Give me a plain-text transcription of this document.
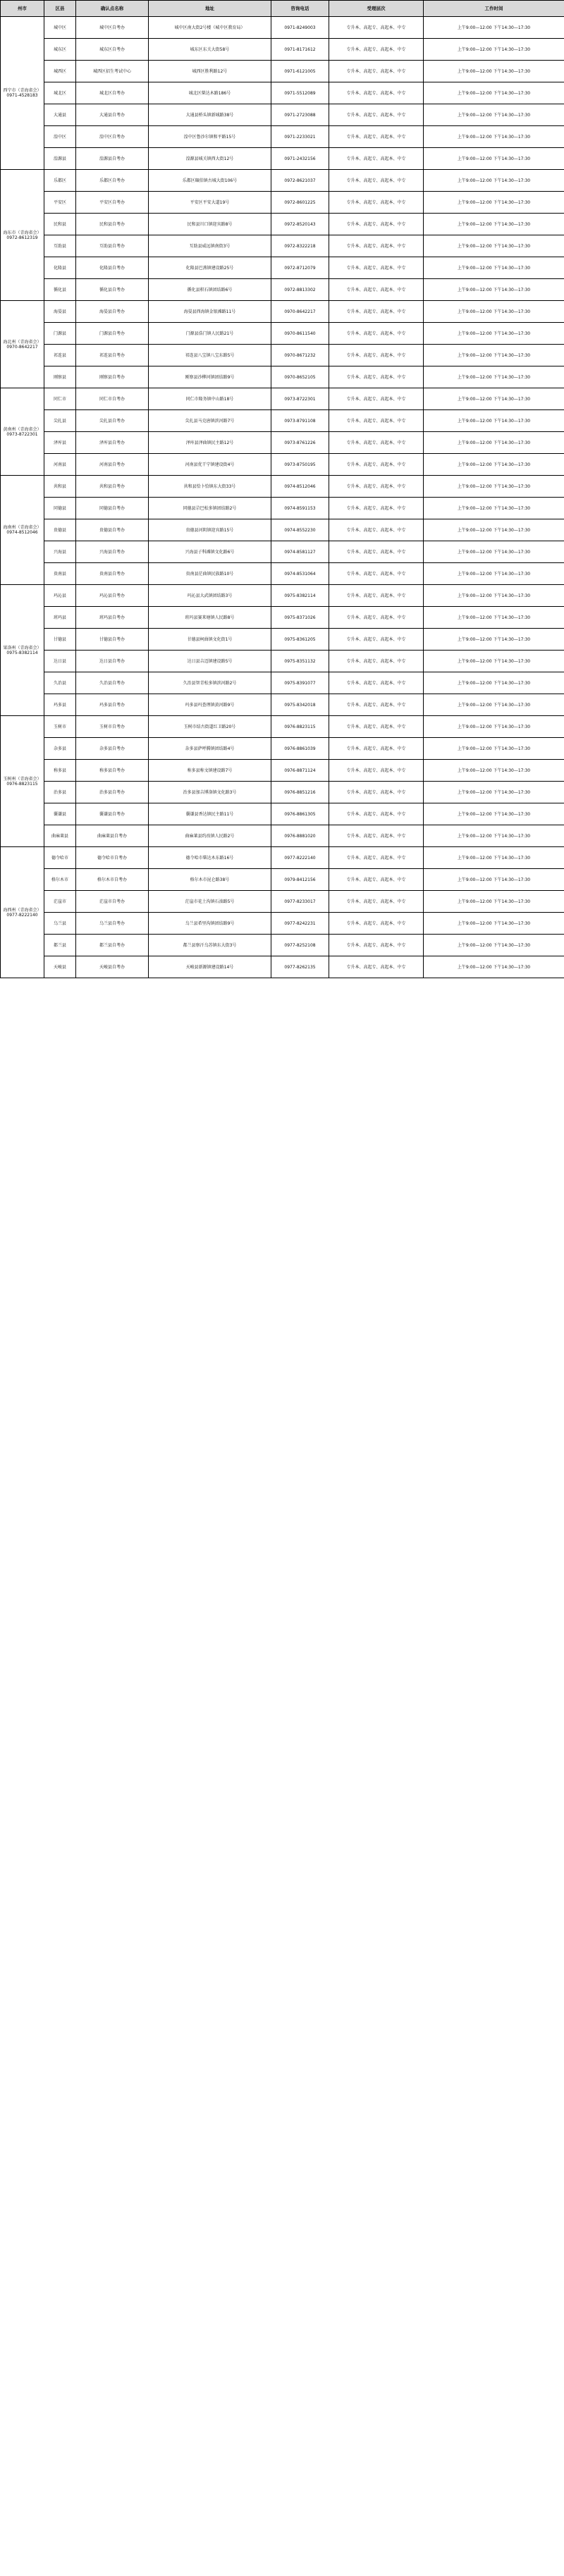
州市	区县	确认点名称	地址	咨询电话	受理层次	工作时间
西宁市（青海省会）0971-4528183	城中区	城中区自考办	城中区南大街2号楼（城中区教育局）	0971-8249003	专升本、高起专、高起本、中专	上午9:00—12:00 下午14:30—17:30
	城东区	城东区自考办	城东区东关大街58号	0971-8171612	专升本、高起专、高起本、中专	上午9:00—12:00 下午14:30—17:30
	城西区	城西区招生考试中心	城西区胜利路12号	0971-6121005	专升本、高起专、高起本、中专	上午9:00—12:00 下午14:30—17:30
	城北区	城北区自考办	城北区柴达木路186号	0971-5512089	专升本、高起专、高起本、中专	上午9:00—12:00 下午14:30—17:30
	大通县	大通县自考办	大通县桥头镇新城路38号	0971-2723088	专升本、高起专、高起本、中专	上午9:00—12:00 下午14:30—17:30
	湟中区	湟中区自考办	湟中区鲁沙尔镇和平路15号	0971-2233021	专升本、高起专、高起本、中专	上午9:00—12:00 下午14:30—17:30
	湟源县	湟源县自考办	湟源县城关镇西大街12号	0971-2432156	专升本、高起专、高起本、中专	上午9:00—12:00 下午14:30—17:30
海东市（青海省会）0972-8612319	乐都区	乐都区自考办	乐都区碾伯镇古城大街106号	0972-8621037	专升本、高起专、高起本、中专	上午9:00—12:00 下午14:30—17:30
	平安区	平安区自考办	平安区平安大道19号	0972-8601225	专升本、高起专、高起本、中专	上午9:00—12:00 下午14:30—17:30
	民和县	民和县自考办	民和县川口镇迎宾路8号	0972-8520143	专升本、高起专、高起本、中专	上午9:00—12:00 下午14:30—17:30
	互助县	互助县自考办	互助县威远镇南街3号	0972-8322218	专升本、高起专、高起本、中专	上午9:00—12:00 下午14:30—17:30
	化隆县	化隆县自考办	化隆县巴燕镇建设路25号	0972-8712079	专升本、高起专、高起本、中专	上午9:00—12:00 下午14:30—17:30
	循化县	循化县自考办	循化县积石镇团结路6号	0972-8813302	专升本、高起专、高起本、中专	上午9:00—12:00 下午14:30—17:30
海北州（青海省会）0970-8642217	海晏县	海晏县自考办	海晏县西海镇金银滩路11号	0970-8642217	专升本、高起专、高起本、中专	上午9:00—12:00 下午14:30—17:30
	门源县	门源县自考办	门源县浩门镇人民路21号	0970-8611540	专升本、高起专、高起本、中专	上午9:00—12:00 下午14:30—17:30
	祁连县	祁连县自考办	祁连县八宝镇八宝东路5号	0970-8671232	专升本、高起专、高起本、中专	上午9:00—12:00 下午14:30—17:30
	刚察县	刚察县自考办	刚察县沙柳河镇团结路9号	0970-8652105	专升本、高起专、高起本、中专	上午9:00—12:00 下午14:30—17:30
黄南州（青海省会）0973-8722301	同仁市	同仁市自考办	同仁市隆务镇中山路18号	0973-8722301	专升本、高起专、高起本、中专	上午9:00—12:00 下午14:30—17:30
	尖扎县	尖扎县自考办	尖扎县马克唐镇滨河路7号	0973-8791108	专升本、高起专、高起本、中专	上午9:00—12:00 下午14:30—17:30
	泽库县	泽库县自考办	泽库县泽曲镇民主路12号	0973-8761226	专升本、高起专、高起本、中专	上午9:00—12:00 下午14:30—17:30
	河南县	河南县自考办	河南县优干宁镇建设街4号	0973-8750195	专升本、高起专、高起本、中专	上午9:00—12:00 下午14:30—17:30
海南州（青海省会）0974-8512046	共和县	共和县自考办	共和县恰卜恰镇东大街33号	0974-8512046	专升本、高起专、高起本、中专	上午9:00—12:00 下午14:30—17:30
	同德县	同德县自考办	同德县尕巴松多镇团结路2号	0974-8591153	专升本、高起专、高起本、中专	上午9:00—12:00 下午14:30—17:30
	贵德县	贵德县自考办	贵德县河阴镇迎宾路15号	0974-8552230	专升本、高起专、高起本、中专	上午9:00—12:00 下午14:30—17:30
	兴海县	兴海县自考办	兴海县子科滩镇文化路6号	0974-8581127	专升本、高起专、高起本、中专	上午9:00—12:00 下午14:30—17:30
	贵南县	贵南县自考办	贵南县茫曲镇民族路10号	0974-8531064	专升本、高起专、高起本、中专	上午9:00—12:00 下午14:30—17:30
果洛州（青海省会）0975-8382114	玛沁县	玛沁县自考办	玛沁县大武镇团结路3号	0975-8382114	专升本、高起专、高起本、中专	上午9:00—12:00 下午14:30—17:30
	班玛县	班玛县自考办	班玛县赛来塘镇人民路8号	0975-8371026	专升本、高起专、高起本、中专	上午9:00—12:00 下午14:30—17:30
	甘德县	甘德县自考办	甘德县柯曲镇文化街1号	0975-8361205	专升本、高起专、高起本、中专	上午9:00—12:00 下午14:30—17:30
	达日县	达日县自考办	达日县吉迈镇建设路5号	0975-8351132	专升本、高起专、高起本、中专	上午9:00—12:00 下午14:30—17:30
	久治县	久治县自考办	久治县智青松多镇滨河路2号	0975-8391077	专升本、高起专、高起本、中专	上午9:00—12:00 下午14:30—17:30
	玛多县	玛多县自考办	玛多县玛查理镇黄河路9号	0975-8342018	专升本、高起专、高起本、中专	上午9:00—12:00 下午14:30—17:30
玉树州（青海省会）0976-8823115	玉树市	玉树市自考办	玉树市结古街道红卫路20号	0976-8823115	专升本、高起专、高起本、中专	上午9:00—12:00 下午14:30—17:30
	杂多县	杂多县自考办	杂多县萨呼腾镇团结路4号	0976-8861039	专升本、高起专、高起本、中专	上午9:00—12:00 下午14:30—17:30
	称多县	称多县自考办	称多县称文镇建设路7号	0976-8871124	专升本、高起专、高起本、中专	上午9:00—12:00 下午14:30—17:30
	治多县	治多县自考办	治多县加吉博洛镇文化路3号	0976-8851216	专升本、高起专、高起本、中专	上午9:00—12:00 下午14:30—17:30
	囊谦县	囊谦县自考办	囊谦县香达镇民主路11号	0976-8861305	专升本、高起专、高起本、中专	上午9:00—12:00 下午14:30—17:30
	曲麻莱县	曲麻莱县自考办	曲麻莱县约改镇人民路2号	0976-8881020	专升本、高起专、高起本、中专	上午9:00—12:00 下午14:30—17:30
海西州（青海省会）0977-8222140	德令哈市	德令哈市自考办	德令哈市柴达木东路16号	0977-8222140	专升本、高起专、高起本、中专	上午9:00—12:00 下午14:30—17:30
	格尔木市	格尔木市自考办	格尔木市昆仑路38号	0979-8412156	专升本、高起专、高起本、中专	上午9:00—12:00 下午14:30—17:30
	茫崖市	茫崖市自考办	茫崖市花土沟镇石油路5号	0977-8233017	专升本、高起专、高起本、中专	上午9:00—12:00 下午14:30—17:30
	乌兰县	乌兰县自考办	乌兰县希里沟镇团结路9号	0977-8242231	专升本、高起专、高起本、中专	上午9:00—12:00 下午14:30—17:30
	都兰县	都兰县自考办	都兰县察汗乌苏镇东大街3号	0977-8252108	专升本、高起专、高起本、中专	上午9:00—12:00 下午14:30—17:30
	天峻县	天峻县自考办	天峻县新源镇建设路14号	0977-8262135	专升本、高起专、高起本、中专	上午9:00—12:00 下午14:30—17:30
